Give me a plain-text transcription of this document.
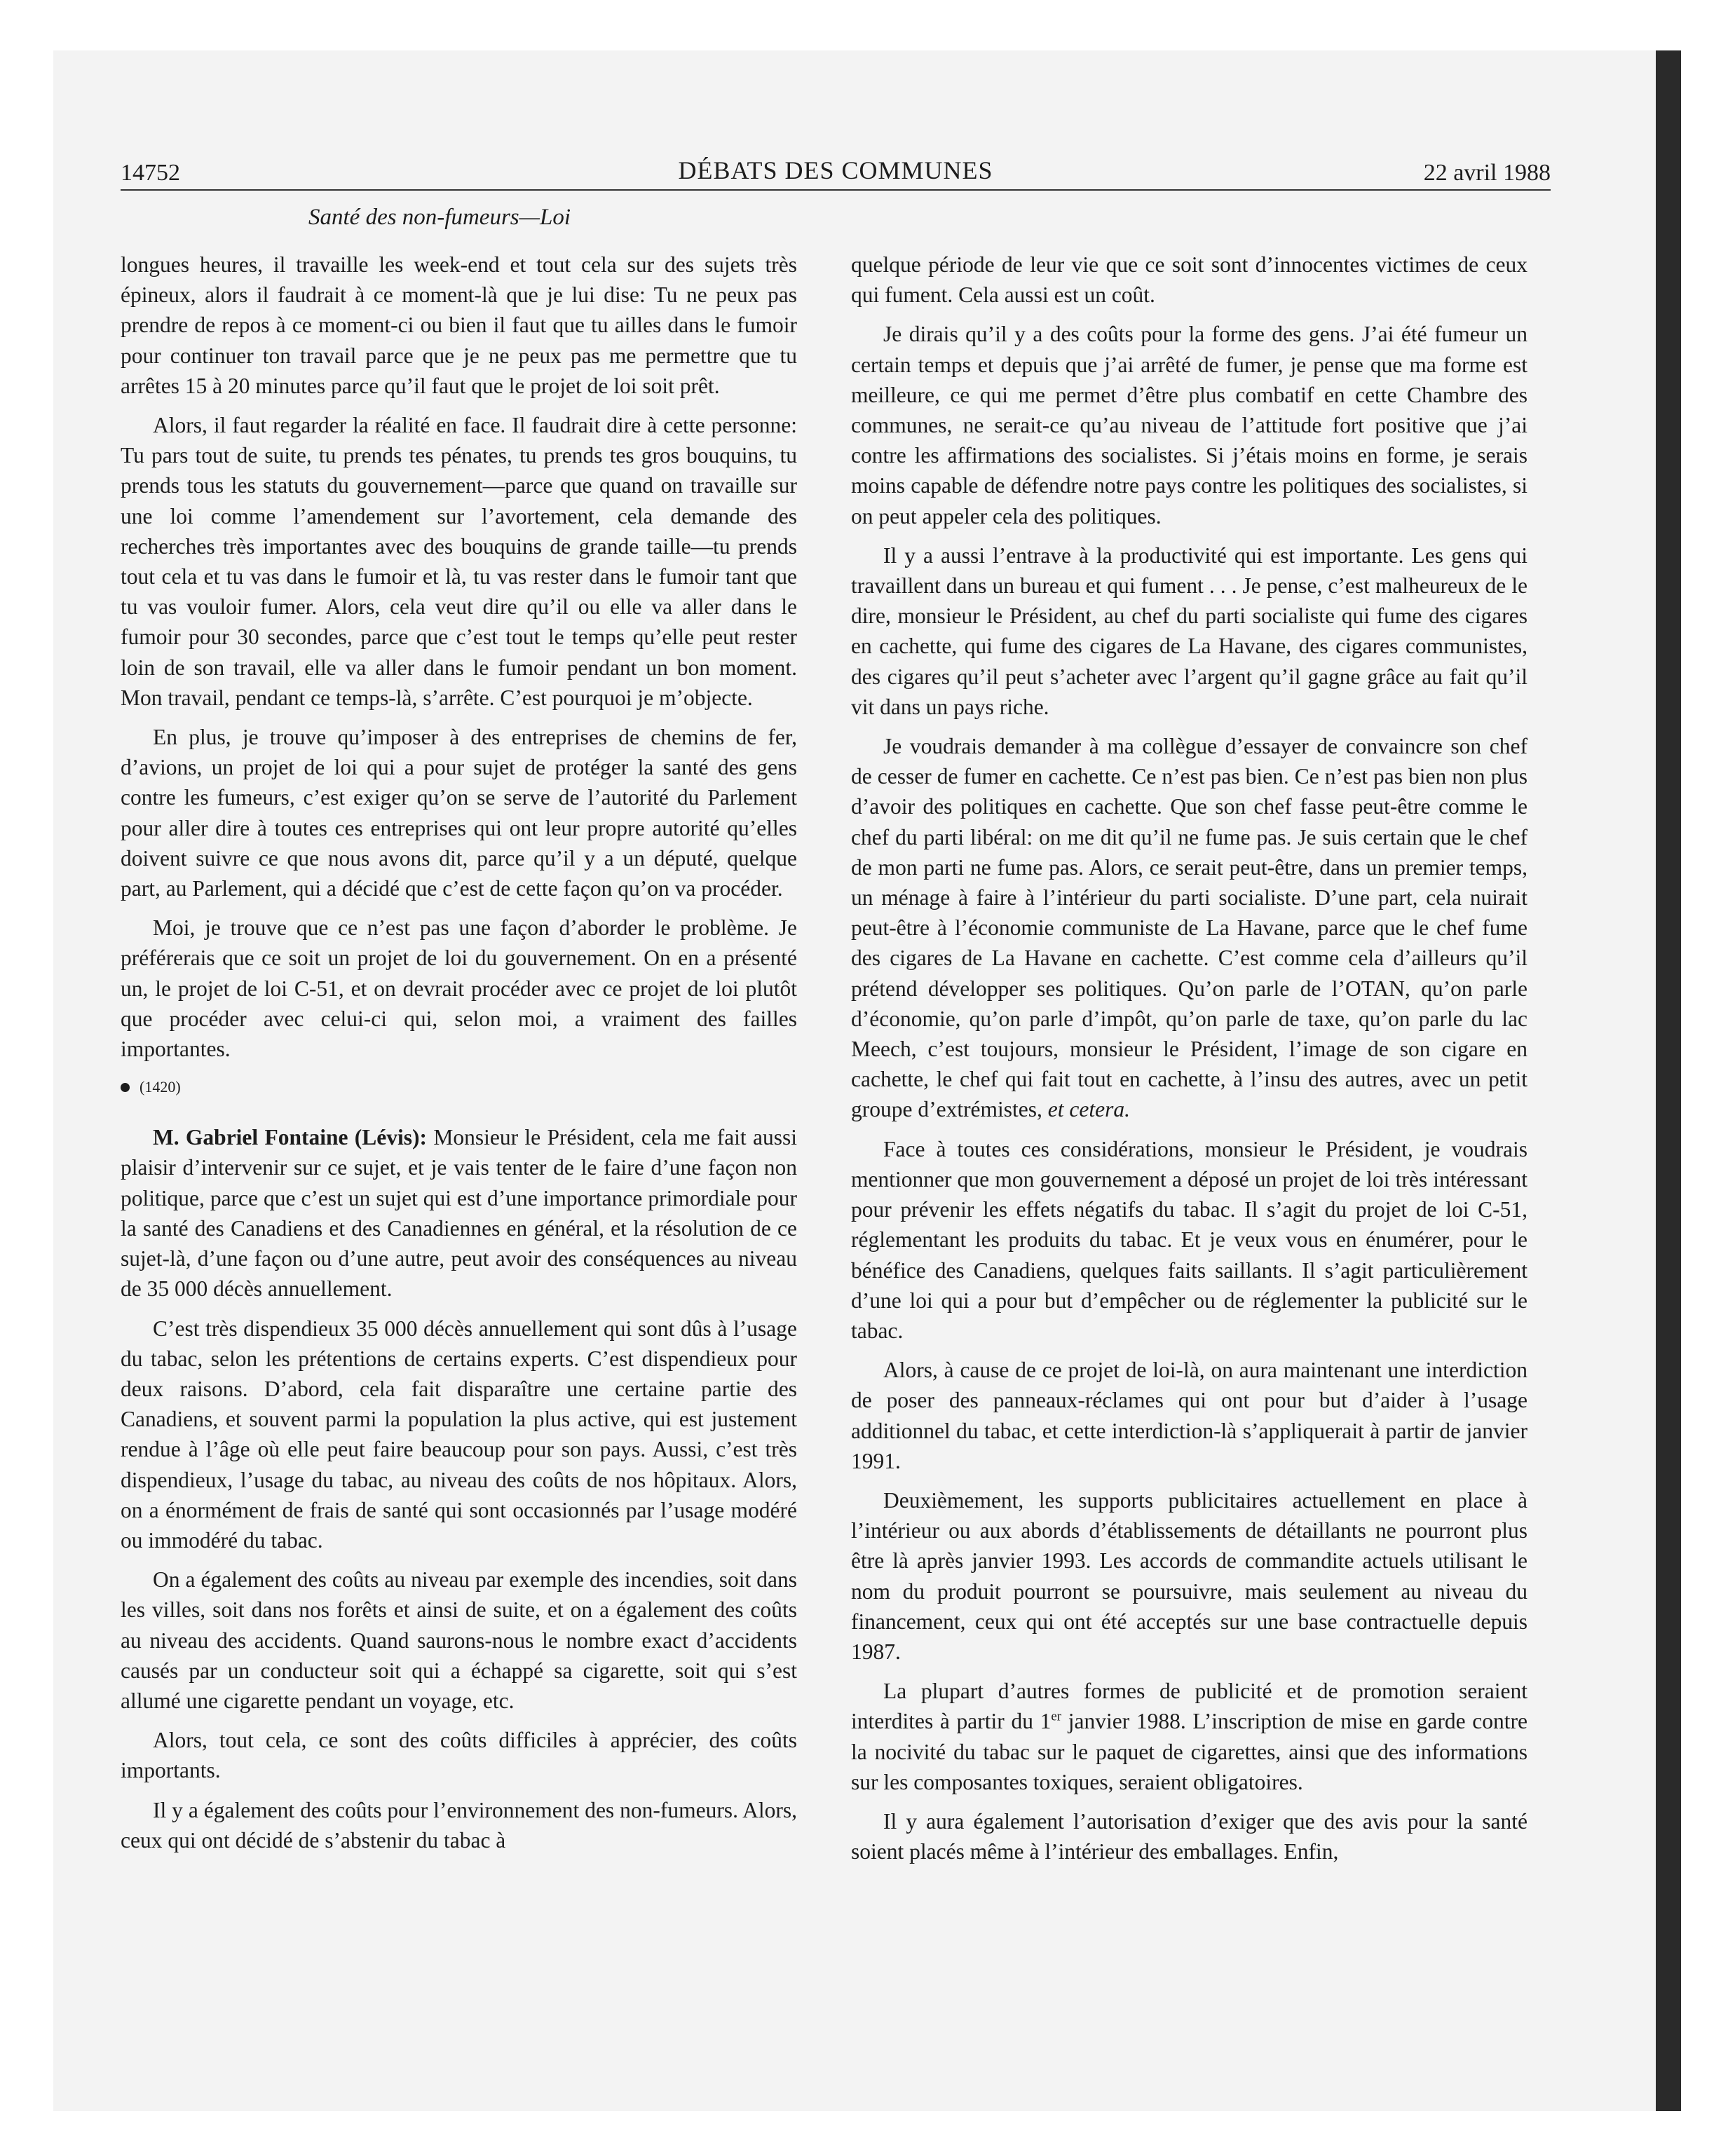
14752	DÉBATS DES COMMUNES	22 avril 1988
Santé des non-fumeurs—Loi

longues heures, il travaille les week-end et tout cela sur des sujets très épineux, alors il faudrait à ce moment-là que je lui dise: Tu ne peux pas prendre de repos à ce moment-ci ou bien il faut que tu ailles dans le fumoir pour continuer ton travail parce que je ne peux pas me permettre que tu arrêtes 15 à 20 minutes parce qu’il faut que le projet de loi soit prêt.

Alors, il faut regarder la réalité en face. Il faudrait dire à cette personne: Tu pars tout de suite, tu prends tes pénates, tu prends tes gros bouquins, tu prends tous les statuts du gouvernement—parce que quand on travaille sur une loi comme l’amendement sur l’avortement, cela demande des recherches très importantes avec des bouquins de grande taille—tu prends tout cela et tu vas dans le fumoir et là, tu vas rester dans le fumoir tant que tu vas vouloir fumer. Alors, cela veut dire qu’il ou elle va aller dans le fumoir pour 30 secondes, parce que c’est tout le temps qu’elle peut rester loin de son travail, elle va aller dans le fumoir pendant un bon moment. Mon travail, pendant ce temps-là, s’arrête. C’est pourquoi je m’objecte.

En plus, je trouve qu’imposer à des entreprises de chemins de fer, d’avions, un projet de loi qui a pour sujet de protéger la santé des gens contre les fumeurs, c’est exiger qu’on se serve de l’autorité du Parlement pour aller dire à toutes ces entreprises qui ont leur propre autorité qu’elles doivent suivre ce que nous avons dit, parce qu’il y a un député, quelque part, au Parlement, qui a décidé que c’est de cette façon qu’on va procéder.

Moi, je trouve que ce n’est pas une façon d’aborder le problème. Je préférerais que ce soit un projet de loi du gouvernement. On en a présenté un, le projet de loi C-51, et on devrait procéder avec ce projet de loi plutôt que procéder avec celui-ci qui, selon moi, a vraiment des failles importantes.

(1420)

M. Gabriel Fontaine (Lévis): Monsieur le Président, cela me fait aussi plaisir d’intervenir sur ce sujet, et je vais tenter de le faire d’une façon non politique, parce que c’est un sujet qui est d’une importance primordiale pour la santé des Canadiens et des Canadiennes en général, et la résolution de ce sujet-là, d’une façon ou d’une autre, peut avoir des conséquences au niveau de 35 000 décès annuellement.

C’est très dispendieux 35 000 décès annuellement qui sont dûs à l’usage du tabac, selon les prétentions de certains experts. C’est dispendieux pour deux raisons. D’abord, cela fait disparaître une certaine partie des Canadiens, et souvent parmi la population la plus active, qui est justement rendue à l’âge où elle peut faire beaucoup pour son pays. Aussi, c’est très dispendieux, l’usage du tabac, au niveau des coûts de nos hôpitaux. Alors, on a énormément de frais de santé qui sont occasionnés par l’usage modéré ou immodéré du tabac.

On a également des coûts au niveau par exemple des incendies, soit dans les villes, soit dans nos forêts et ainsi de suite, et on a également des coûts au niveau des accidents. Quand saurons-nous le nombre exact d’accidents causés par un conducteur soit qui a échappé sa cigarette, soit qui s’est allumé une cigarette pendant un voyage, etc.

Alors, tout cela, ce sont des coûts difficiles à apprécier, des coûts importants.

Il y a également des coûts pour l’environnement des non-fumeurs. Alors, ceux qui ont décidé de s’abstenir du tabac à

quelque période de leur vie que ce soit sont d’innocentes victimes de ceux qui fument. Cela aussi est un coût.

Je dirais qu’il y a des coûts pour la forme des gens. J’ai été fumeur un certain temps et depuis que j’ai arrêté de fumer, je pense que ma forme est meilleure, ce qui me permet d’être plus combatif en cette Chambre des communes, ne serait-ce qu’au niveau de l’attitude fort positive que j’ai contre les affirmations des socialistes. Si j’étais moins en forme, je serais moins capable de défendre notre pays contre les politiques des socialistes, si on peut appeler cela des politiques.

Il y a aussi l’entrave à la productivité qui est importante. Les gens qui travaillent dans un bureau et qui fument . . . Je pense, c’est malheureux de le dire, monsieur le Président, au chef du parti socialiste qui fume des cigares en cachette, qui fume des cigares de La Havane, des cigares communistes, des cigares qu’il peut s’acheter avec l’argent qu’il gagne grâce au fait qu’il vit dans un pays riche.

Je voudrais demander à ma collègue d’essayer de convaincre son chef de cesser de fumer en cachette. Ce n’est pas bien. Ce n’est pas bien non plus d’avoir des politiques en cachette. Que son chef fasse peut-être comme le chef du parti libéral: on me dit qu’il ne fume pas. Je suis certain que le chef de mon parti ne fume pas. Alors, ce serait peut-être, dans un premier temps, un ménage à faire à l’intérieur du parti socialiste. D’une part, cela nuirait peut-être à l’économie communiste de La Havane, parce que le chef fume des cigares de La Havane en cachette. C’est comme cela d’ailleurs qu’il prétend développer ses politiques. Qu’on parle de l’OTAN, qu’on parle d’économie, qu’on parle d’impôt, qu’on parle de taxe, qu’on parle du lac Meech, c’est toujours, monsieur le Président, l’image de son cigare en cachette, le chef qui fait tout en cachette, à l’insu des autres, avec un petit groupe d’extrémistes, et cetera.

Face à toutes ces considérations, monsieur le Président, je voudrais mentionner que mon gouvernement a déposé un projet de loi très intéressant pour prévenir les effets négatifs du tabac. Il s’agit du projet de loi C-51, réglementant les produits du tabac. Et je veux vous en énumérer, pour le bénéfice des Canadiens, quelques faits saillants. Il s’agit particulièrement d’une loi qui a pour but d’empêcher ou de réglementer la publicité sur le tabac.

Alors, à cause de ce projet de loi-là, on aura maintenant une interdiction de poser des panneaux-réclames qui ont pour but d’aider à l’usage additionnel du tabac, et cette interdiction-là s’appliquerait à partir de janvier 1991.

Deuxièmement, les supports publicitaires actuellement en place à l’intérieur ou aux abords d’établissements de détaillants ne pourront plus être là après janvier 1993. Les accords de commandite actuels utilisant le nom du produit pourront se poursuivre, mais seulement au niveau du financement, ceux qui ont été acceptés sur une base contractuelle depuis 1987.

La plupart d’autres formes de publicité et de promotion seraient interdites à partir du 1er janvier 1988. L’inscription de mise en garde contre la nocivité du tabac sur le paquet de cigarettes, ainsi que des informations sur les composantes toxiques, seraient obligatoires.

Il y aura également l’autorisation d’exiger que des avis pour la santé soient placés même à l’intérieur des emballages. Enfin,
